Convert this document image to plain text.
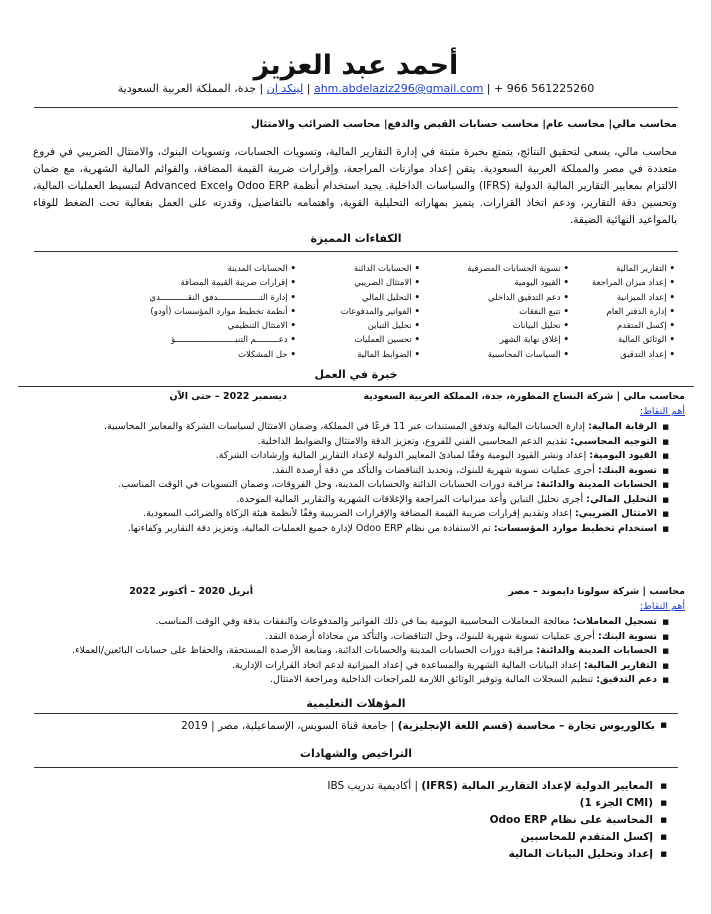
أحمد عبد العزيز
+ 966 561225260 | ahm.abdelaziz296@gmail.com | لينكد إن | جدة، المملكة العربية السعودية
محاسب مالي| محاسب عام| محاسب حسابات القبض والدفع| محاسب الضرائب والامتثال
محاسب مالي، يسعى لتحقيق النتائج، يتمتع بخبرة مثبتة في إدارة التقارير المالية، وتسويات الحسابات، وتسويات البنوك، والامتثال الضريبي في فروع متعددة في مصر والمملكة العربية السعودية. يتقن إعداد موازنات المراجعة، وإقرارات ضريبة القيمة المضافة، والقوائم المالية الشهرية، مع ضمان الالتزام بمعايير التقارير المالية الدولية (IFRS) والسياسات الداخلية. يجيد استخدام أنظمة Odoo ERP وAdvanced Excel لتبسيط العمليات المالية، وتحسين دقة التقارير، ودعم اتخاذ القرارات. يتميز بمهاراته التحليلية القوية، واهتمامه بالتفاصيل، وقدرته على العمل بفعالية تحت الضغط للوفاء بالمواعيد النهائية الضيقة.
الكفاءات المميزة
• التقارير المالية
• إعداد ميزان المراجعة
• إعداد الميزانية
• إدارة الدفتر العام
• إكسل المتقدم
• الوثائق المالية
• إعداد التدقيق
• تسوية الحسابات المصرفية
• القيود اليومية
• دعم التدقيق الداخلي
• تتبع النفقات
• تحليل البيانات
• إغلاق نهاية الشهر
• السياسات المحاسبية
• الحسابات الدائنة
• الامتثال الضريبي
• التحليل المالي
• الفواتير والمدفوعات
• تحليل التباين
• تحسين العمليات
• الضوابط المالية
• الحسابات المدينة
• إقرارات ضريبة القيمة المضافة
• إدارة التـــــــــــــــــدفق النقـــــــــــدي
• أنظمة تخطيط موارد المؤسسات (أودو)
• الامتثال التنظيمي
• دعـــــــــم التنبــــــــــــــــــــــــؤ
• حل المشكلات
خبرة في العمل
محاسب مالي | شركة النساج المطورة، جدة، المملكة العربية السعودية
ديسمبر 2022 – حتى الآن
أهم النقاط:
■ الرقابة المالية: إدارة الحسابات المالية وتدفق المستندات عبر 11 فرعًا في المملكة، وضمان الامتثال لسياسات الشركة والمعايير المحاسبية.
■ التوجيه المحاسبي: تقديم الدعم المحاسبي الفني للفروع، وتعزيز الدقة والامتثال والضوابط الداخلية.
■ القيود اليومية: إعداد ونشر القيود اليومية وفقًا لمبادئ المعايير الدولية لإعداد التقارير المالية وإرشادات الشركة.
■ تسوية البنك: أجرى عمليات تسوية شهرية للبنوك، وتحديد التناقضات والتأكد من دقة أرصدة النقد.
■ الحسابات المدينة والدائنة: مراقبة دورات الحسابات الدائنة والحسابات المدينة، وحل الفروقات، وضمان التسويات في الوقت المناسب.
■ التحليل المالي: أجرى تحليل التباين وأعد ميزانيات المراجعة والإغلاقات الشهرية والتقارير المالية الموحدة.
■ الامتثال الضريبي: إعداد وتقديم إقرارات ضريبة القيمة المضافة والإقرارات الضريبية وفقًا لأنظمة هيئة الزكاة والضرائب السعودية.
■ استخدام تخطيط موارد المؤسسات: تم الاستفادة من نظام Odoo ERP لإدارة جميع العمليات المالية، وتعزيز دقة التقارير وكفاءتها.
محاسب | شركة سولونا دايموند – مصر
أبريل 2020 – أكتوبر 2022
أهم النقاط:
■ تسجيل المعاملات: معالجة المعاملات المحاسبية اليومية بما في ذلك الفواتير والمدفوعات والنفقات بدقة وفي الوقت المناسب.
■ تسوية البنك: أجرى عمليات تسوية شهرية للبنوك، وحل التناقضات، والتأكد من محاذاة أرصدة النقد.
■ الحسابات المدينة والدائنة: مراقبة دورات الحسابات المدينة والحسابات الدائنة، ومتابعة الأرصدة المستحقة، والحفاظ على حسابات البائعين/العملاء.
■ التقارير المالية: إعداد البيانات المالية الشهرية والمساعدة في إعداد الميزانية لدعم اتخاذ القرارات الإدارية.
■ دعم التدقيق: تنظيم السجلات المالية وتوفير الوثائق اللازمة للمراجعات الداخلية ومراجعة الامتثال.
المؤهلات التعليمية
■ بكالوريوس تجارة – محاسبة (قسم اللغة الإنجليزية) | جامعة قناة السويس، الإسماعيلية، مصر | 2019
التراخيص والشهادات
■ المعايير الدولية لإعداد التقارير المالية (IFRS) | أكاديمية تدريب IBS
■ (CMI الجزء 1)
■ المحاسبة على نظام Odoo ERP
■ إكسل المتقدم للمحاسبين
■ إعداد وتحليل البيانات المالية
